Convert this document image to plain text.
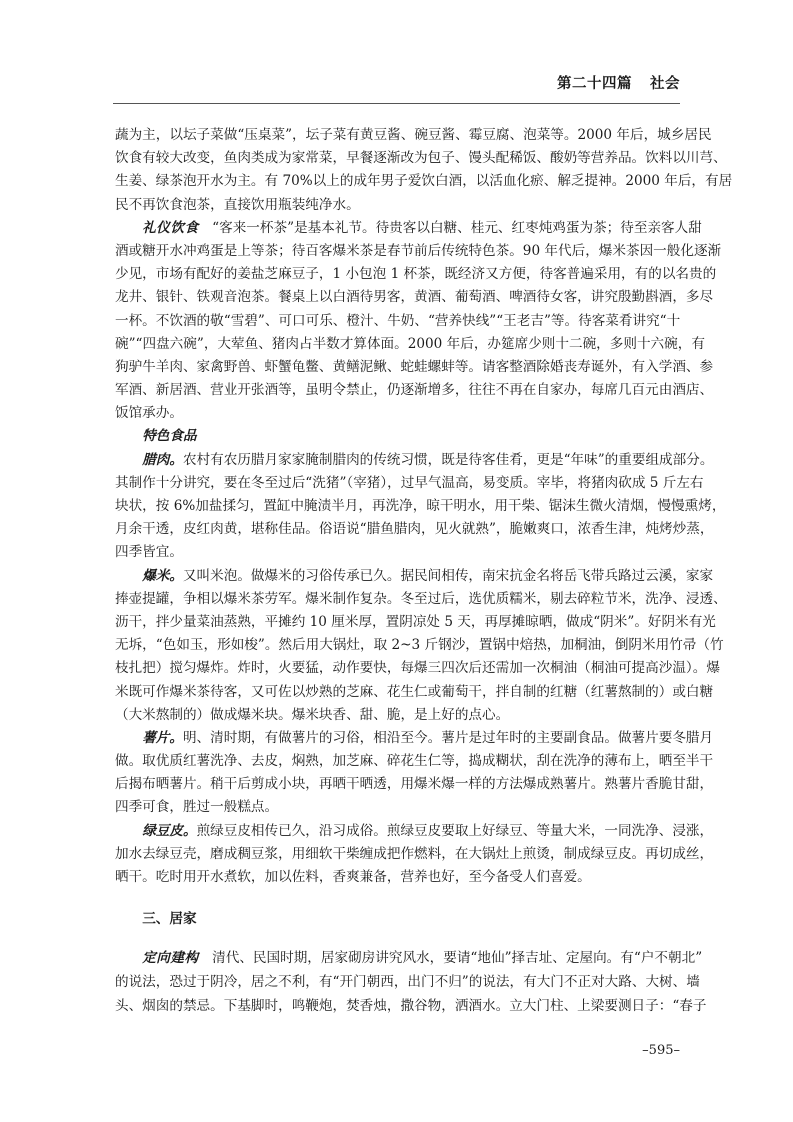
第二十四篇 社会
蔬为主，以坛子菜做“压桌菜”，坛子菜有黄豆酱、碗豆酱、霉豆腐、泡菜等。2000 年后，城乡居民
饮食有较大改变，鱼肉类成为家常菜，早餐逐渐改为包子、馒头配稀饭、酸奶等营养品。饮料以川芎、
生姜、绿茶泡开水为主。有 70%以上的成年男子爱饮白酒，以活血化瘀、解乏提神。2000 年后，有居
民不再饮食泡茶，直接饮用瓶装纯净水。
礼仪饮食 “客来一杯茶”是基本礼节。待贵客以白糖、桂元、红枣炖鸡蛋为茶；待至亲客人甜
酒或糖开水冲鸡蛋是上等茶；待百客爆米茶是春节前后传统特色茶。90 年代后，爆米茶因一般化逐渐
少见，市场有配好的姜盐芝麻豆子，1 小包泡 1 杯茶，既经济又方便，待客普遍采用，有的以名贵的
龙井、银针、铁观音泡茶。餐桌上以白酒待男客，黄酒、葡萄酒、啤酒待女客，讲究殷勤斟酒，多尽
一杯。不饮酒的敬“雪碧”、可口可乐、橙汁、牛奶、“营养快线”“王老吉”等。待客菜肴讲究“十
碗”“四盘六碗”，大荤鱼、猪肉占半数才算体面。2000 年后，办筵席少则十二碗，多则十六碗，有
狗驴牛羊肉、家禽野兽、虾蟹龟鳖、黄鳝泥鳅、蛇蛙螺蚌等。请客整酒除婚丧寿诞外，有入学酒、参
军酒、新居酒、营业开张酒等，虽明令禁止，仍逐渐增多，往往不再在自家办，每席几百元由酒店、
饭馆承办。
特色食品
腊肉。农村有农历腊月家家腌制腊肉的传统习惯，既是待客佳肴，更是“年味”的重要组成部分。
其制作十分讲究，要在冬至过后“洗猪”（宰猪），过早气温高，易变质。宰毕，将猪肉砍成 5 斤左右
块状，按 6%加盐揉匀，置缸中腌渍半月，再洗净，晾干明水，用干柴、锯沫生微火清烟，慢慢熏烤，
月余干透，皮红肉黄，堪称佳品。俗语说“腊鱼腊肉，见火就熟”，脆嫩爽口，浓香生津，炖烤炒蒸，
四季皆宜。
爆米。又叫米泡。做爆米的习俗传承已久。据民间相传，南宋抗金名将岳飞带兵路过云溪，家家
捧壶提罐，争相以爆米茶劳军。爆米制作复杂。冬至过后，选优质糯米，剔去碎粒节米，洗净、浸透、
沥干，拌少量菜油蒸熟，平摊约 10 厘米厚，置阴凉处 5 天，再厚摊晾晒，做成“阴米”。好阴米有光
无坼，“色如玉，形如梭”。然后用大锅灶，取 2~3 斤钢沙，置锅中焙热，加桐油，倒阴米用竹帚（竹
枝扎把）搅匀爆炸。炸时，火要猛，动作要快，每爆三四次后还需加一次桐油（桐油可提高沙温）。爆
米既可作爆米茶待客，又可佐以炒熟的芝麻、花生仁或葡萄干，拌自制的红糖（红薯熬制的）或白糖
（大米熬制的）做成爆米块。爆米块香、甜、脆，是上好的点心。
薯片。明、清时期，有做薯片的习俗，相沿至今。薯片是过年时的主要副食品。做薯片要冬腊月
做。取优质红薯洗净、去皮，焖熟，加芝麻、碎花生仁等，捣成糊状，刮在洗净的薄布上，晒至半干
后揭布晒薯片。稍干后剪成小块，再晒干晒透，用爆米爆一样的方法爆成熟薯片。熟薯片香脆甘甜，
四季可食，胜过一般糕点。
绿豆皮。煎绿豆皮相传已久，沿习成俗。煎绿豆皮要取上好绿豆、等量大米，一同洗净、浸涨，
加水去绿豆壳，磨成稠豆浆，用细软干柴缠成把作燃料，在大锅灶上煎烫，制成绿豆皮。再切成丝，
晒干。吃时用开水煮软，加以佐料，香爽兼备，营养也好，至今备受人们喜爱。
三、居家
定向建构 清代、民国时期，居家砌房讲究风水，要请“地仙”择吉址、定屋向。有“户不朝北”
的说法，恐过于阴冷，居之不利，有“开门朝西，出门不归”的说法，有大门不正对大路、大树、墙
头、烟囱的禁忌。下基脚时，鸣鞭炮，焚香烛，撒谷物，洒酒水。立大门柱、上梁要测日子：“春子
–595–
